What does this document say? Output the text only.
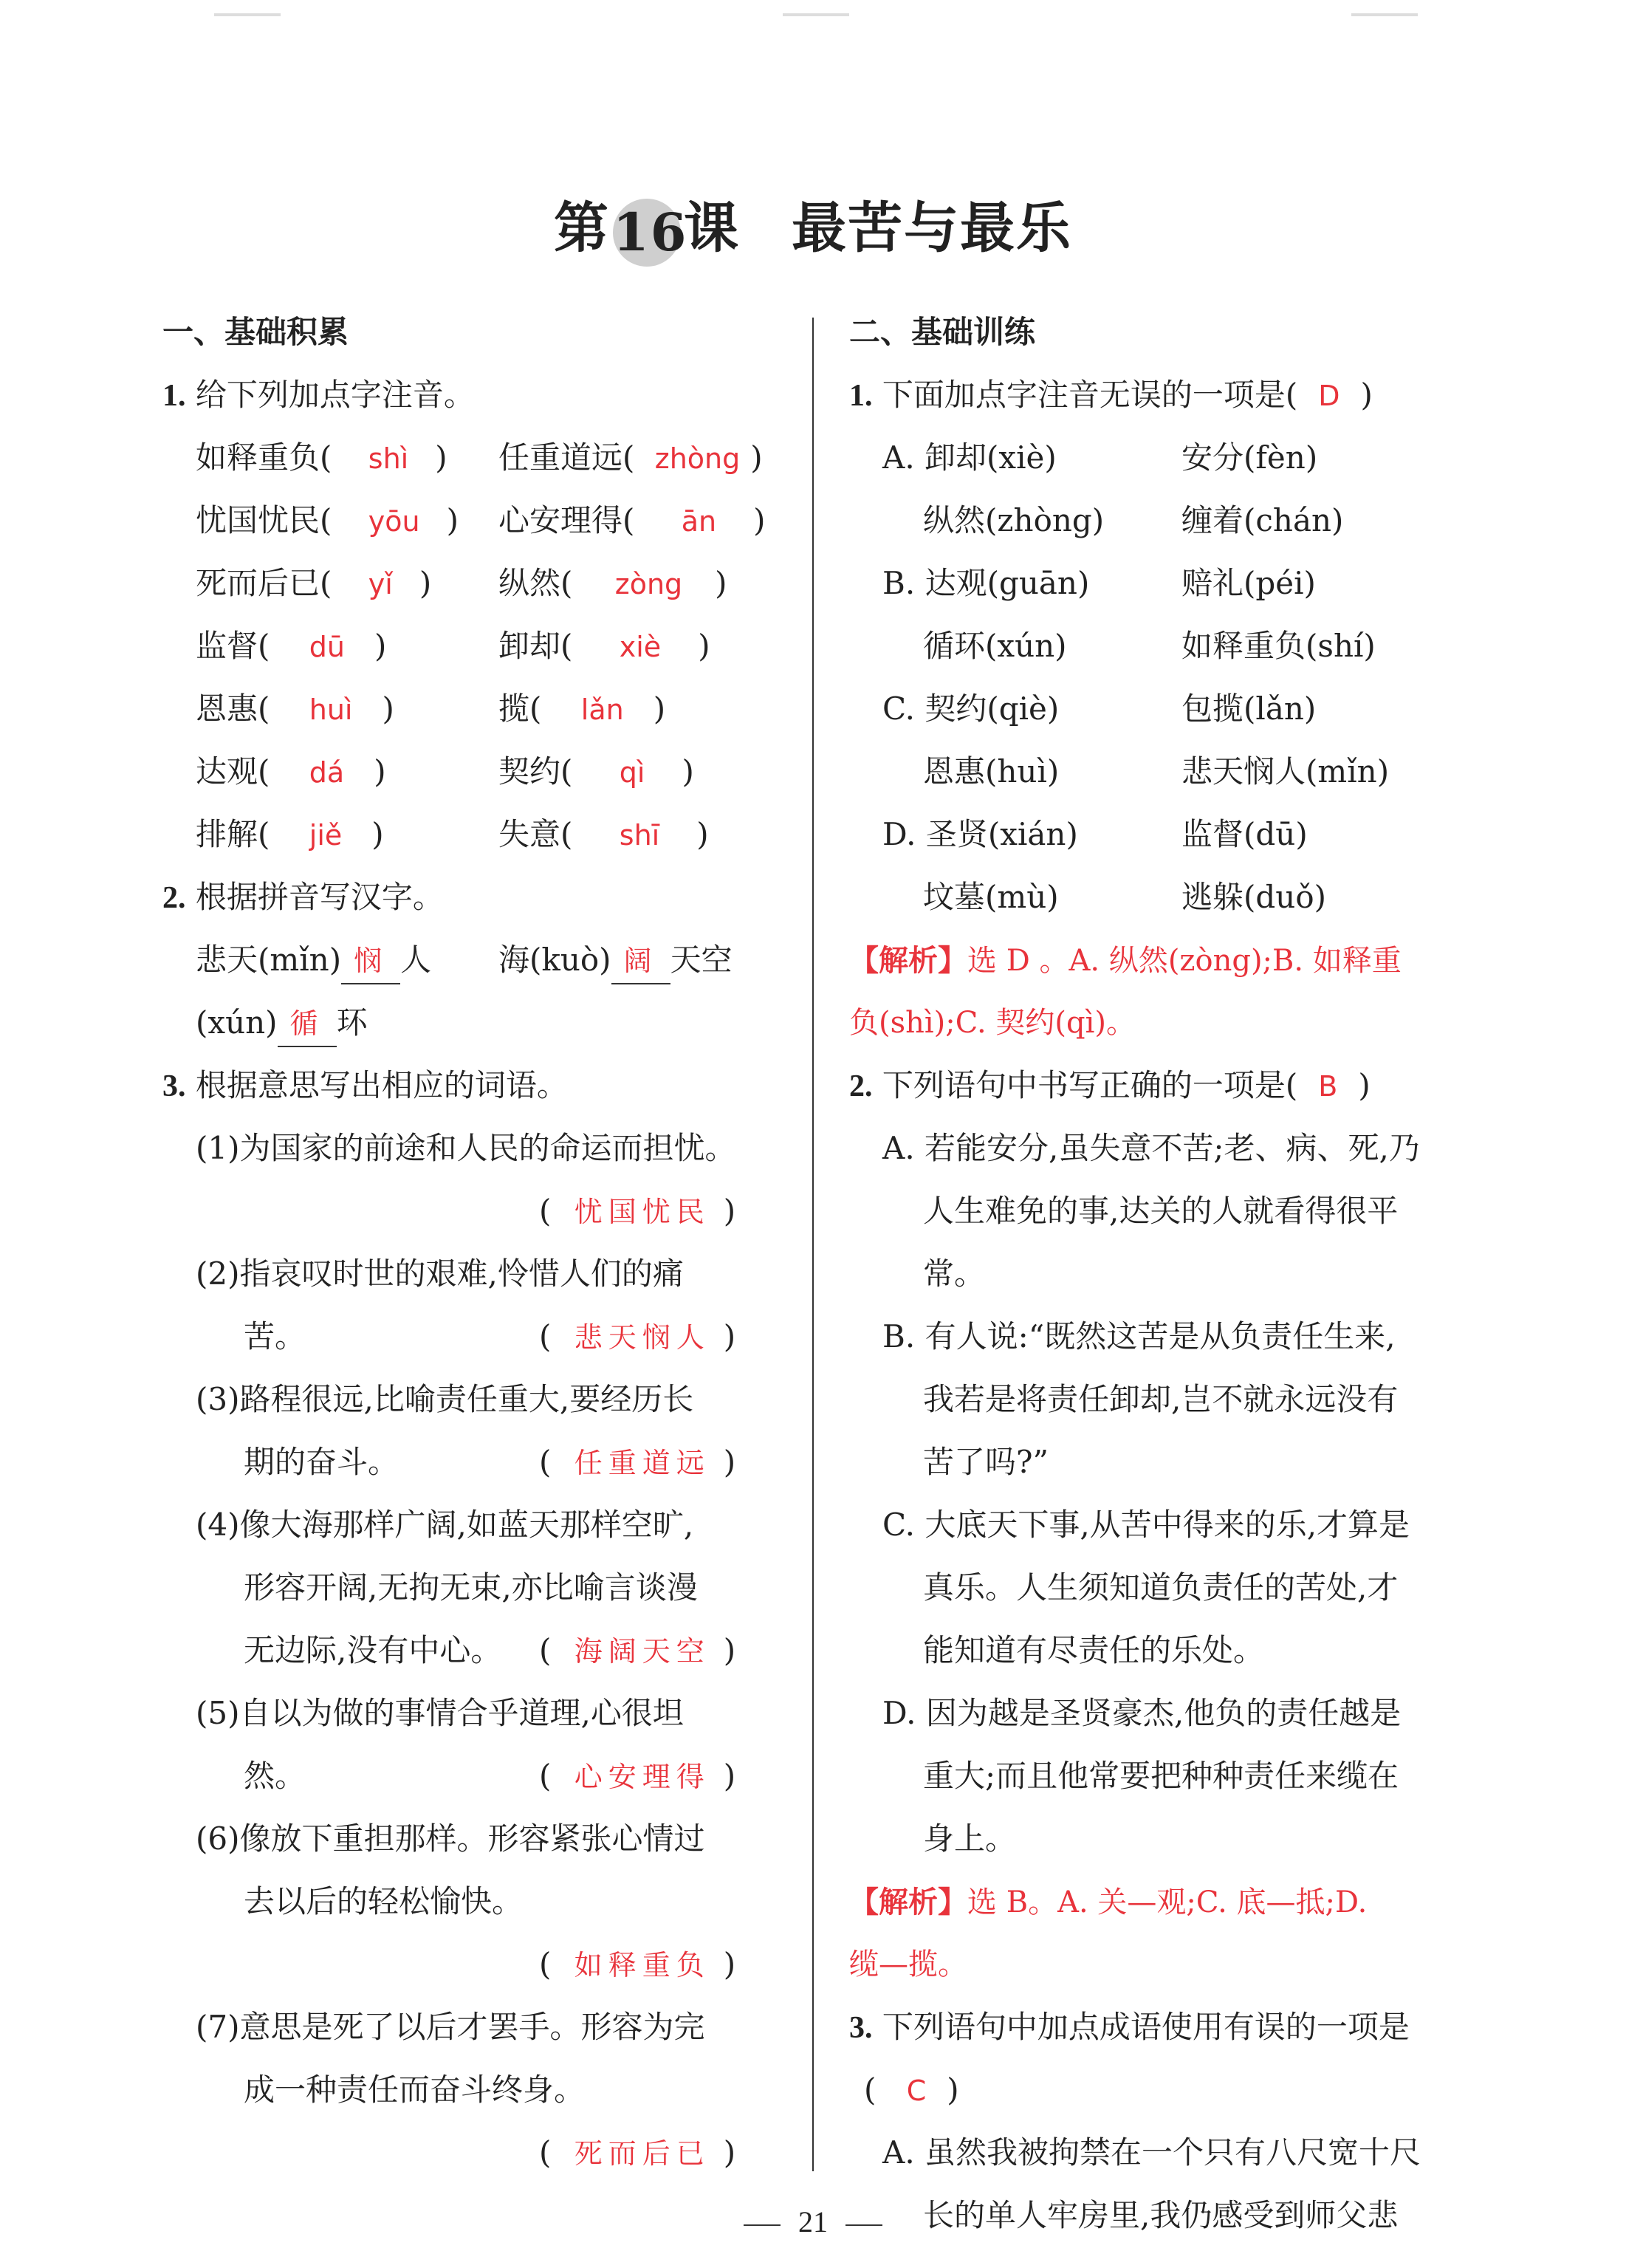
第16课 最苦与最乐
一、基础积累
1. 给下列加点字注音。
如释重负( shì ) 任重道远( zhòng )
忧国忧民( yōu ) 心安理得( ān )
死而后已( yǐ ) 纵然( zòng )
监督( dū )	卸却( xiè )
恩惠( huì )	揽( lǎn )
达观( dá )	契约( qì )
排解( jiě )	失意( shī )
2. 根据拼音写汉字。
悲天(mǐn) 悯 人 海(kuò) 阔 天空
(xún) 循 环
3. 根据意思写出相应的词语。
(1)为国家的前途和人民的命运而担忧。
( 忧国忧民 )
(2)指哀叹时世的艰难,怜惜人们的痛
苦。	( 悲天悯人 )
(3)路程很远,比喻责任重大,要经历长
期的奋斗。	( 任重道远 )
(4)像大海那样广阔,如蓝天那样空旷,
形容开阔,无拘无束,亦比喻言谈漫
无边际,没有中心。 ( 海阔天空 )
(5)自以为做的事情合乎道理,心很坦
然。	( 心安理得 )
(6)像放下重担那样。形容紧张心情过
去以后的轻松愉快。
( 如释重负 )
(7)意思是死了以后才罢手。形容为完
成一种责任而奋斗终身。
( 死而后已 )
二、基础训练
1. 下面加点字注音无误的一项是( D )
A. 卸却(xiè)	安分(fèn)
纵然(zhòng) 缠着(chán)
B. 达观(guān)	赔礼(péi)
循环(xún)	如释重负(shí)
C. 契约(qiè)	包揽(lǎn)
恩惠(huì)	悲天悯人(mǐn)
D. 圣贤(xián)	监督(dū)
坟墓(mù)	逃躲(duǒ)
【解析】选 D 。A. 纵然(zòng);B. 如释重
负(shì);C. 契约(qì)。
2. 下列语句中书写正确的一项是( B )
A. 若能安分,虽失意不苦;老、病、死,乃
人生难免的事,达关的人就看得很平
常。
B. 有人说:“既然这苦是从负责任生来,
我若是将责任卸却,岂不就永远没有
苦了吗?”
C. 大底天下事,从苦中得来的乐,才算是
真乐。人生须知道负责任的苦处,才
能知道有尽责任的乐处。
D. 因为越是圣贤豪杰,他负的责任越是
重大;而且他常要把种种责任来缆在
身上。
【解析】选 B。A. 关—观;C. 底—抵;D.
缆—揽。
3. 下列语句中加点成语使用有误的一项是
( C )
A. 虽然我被拘禁在一个只有八尺宽十尺
长的单人牢房里,我仍感受到师父悲
21
